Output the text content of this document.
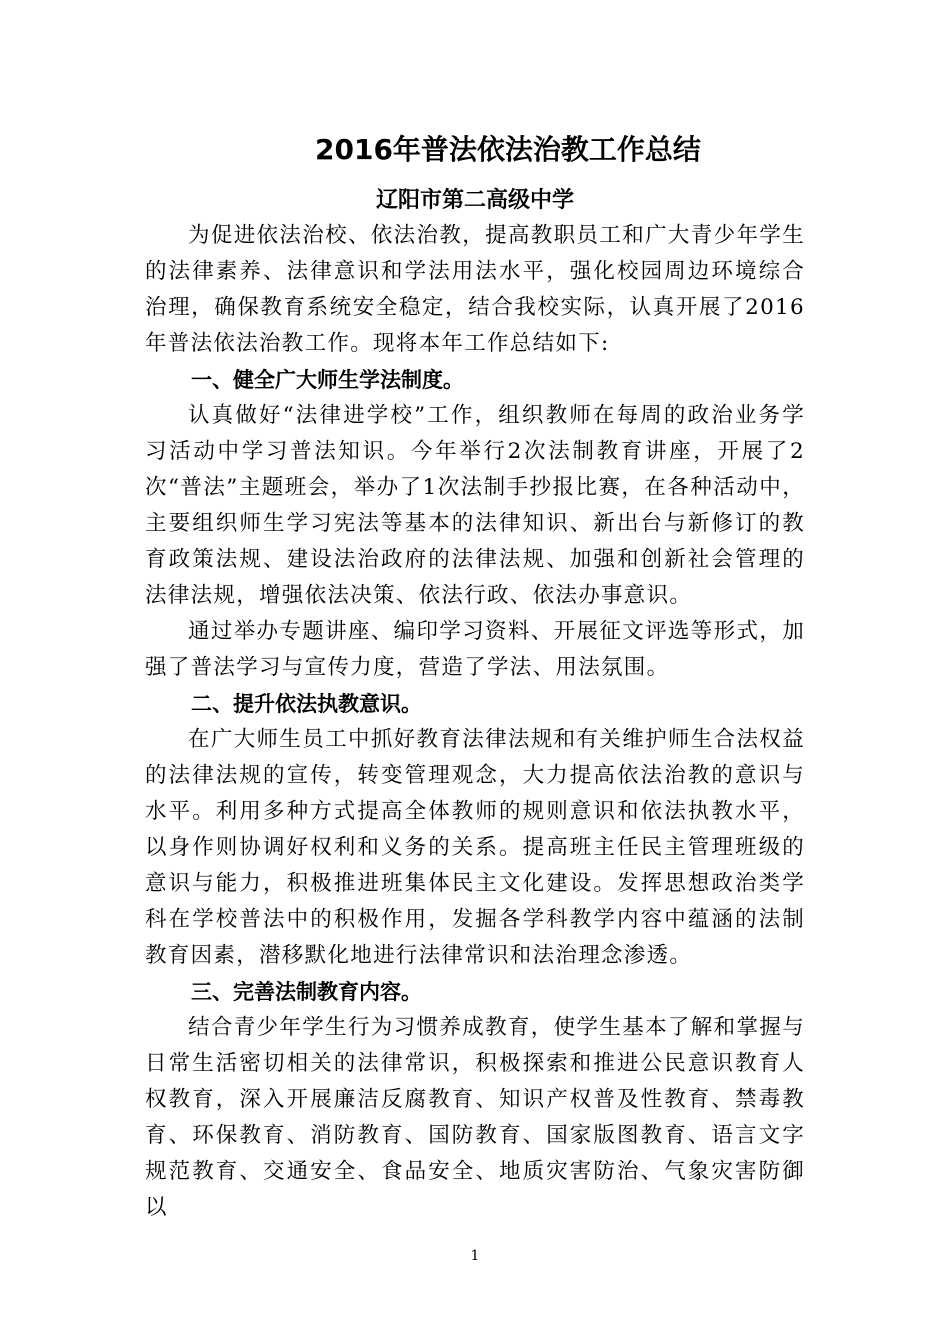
2016年普法依法治教工作总结
辽阳市第二高级中学

为促进依法治校、依法治教，提高教职员工和广大青少年学生的法律素养、法律意识和学法用法水平，强化校园周边环境综合治理，确保教育系统安全稳定，结合我校实际，认真开展了2016年普法依法治教工作。现将本年工作总结如下:

一、健全广大师生学法制度。

认真做好“法律进学校”工作，组织教师在每周的政治业务学习活动中学习普法知识。今年举行2次法制教育讲座，开展了2次“普法”主题班会，举办了1次法制手抄报比赛，在各种活动中，主要组织师生学习宪法等基本的法律知识、新出台与新修订的教育政策法规、建设法治政府的法律法规、加强和创新社会管理的法律法规，增强依法决策、依法行政、依法办事意识。

通过举办专题讲座、编印学习资料、开展征文评选等形式，加强了普法学习与宣传力度，营造了学法、用法氛围。

二、提升依法执教意识。

在广大师生员工中抓好教育法律法规和有关维护师生合法权益的法律法规的宣传，转变管理观念，大力提高依法治教的意识与水平。利用多种方式提高全体教师的规则意识和依法执教水平，以身作则协调好权利和义务的关系。提高班主任民主管理班级的意识与能力，积极推进班集体民主文化建设。发挥思想政治类学科在学校普法中的积极作用，发掘各学科教学内容中蕴涵的法制教育因素，潜移默化地进行法律常识和法治理念渗透。

三、完善法制教育内容。

结合青少年学生行为习惯养成教育，使学生基本了解和掌握与日常生活密切相关的法律常识，积极探索和推进公民意识教育人权教育，深入开展廉洁反腐教育、知识产权普及性教育、禁毒教育、环保教育、消防教育、国防教育、国家版图教育、语言文字规范教育、交通安全、食品安全、地质灾害防治、气象灾害防御以

1
